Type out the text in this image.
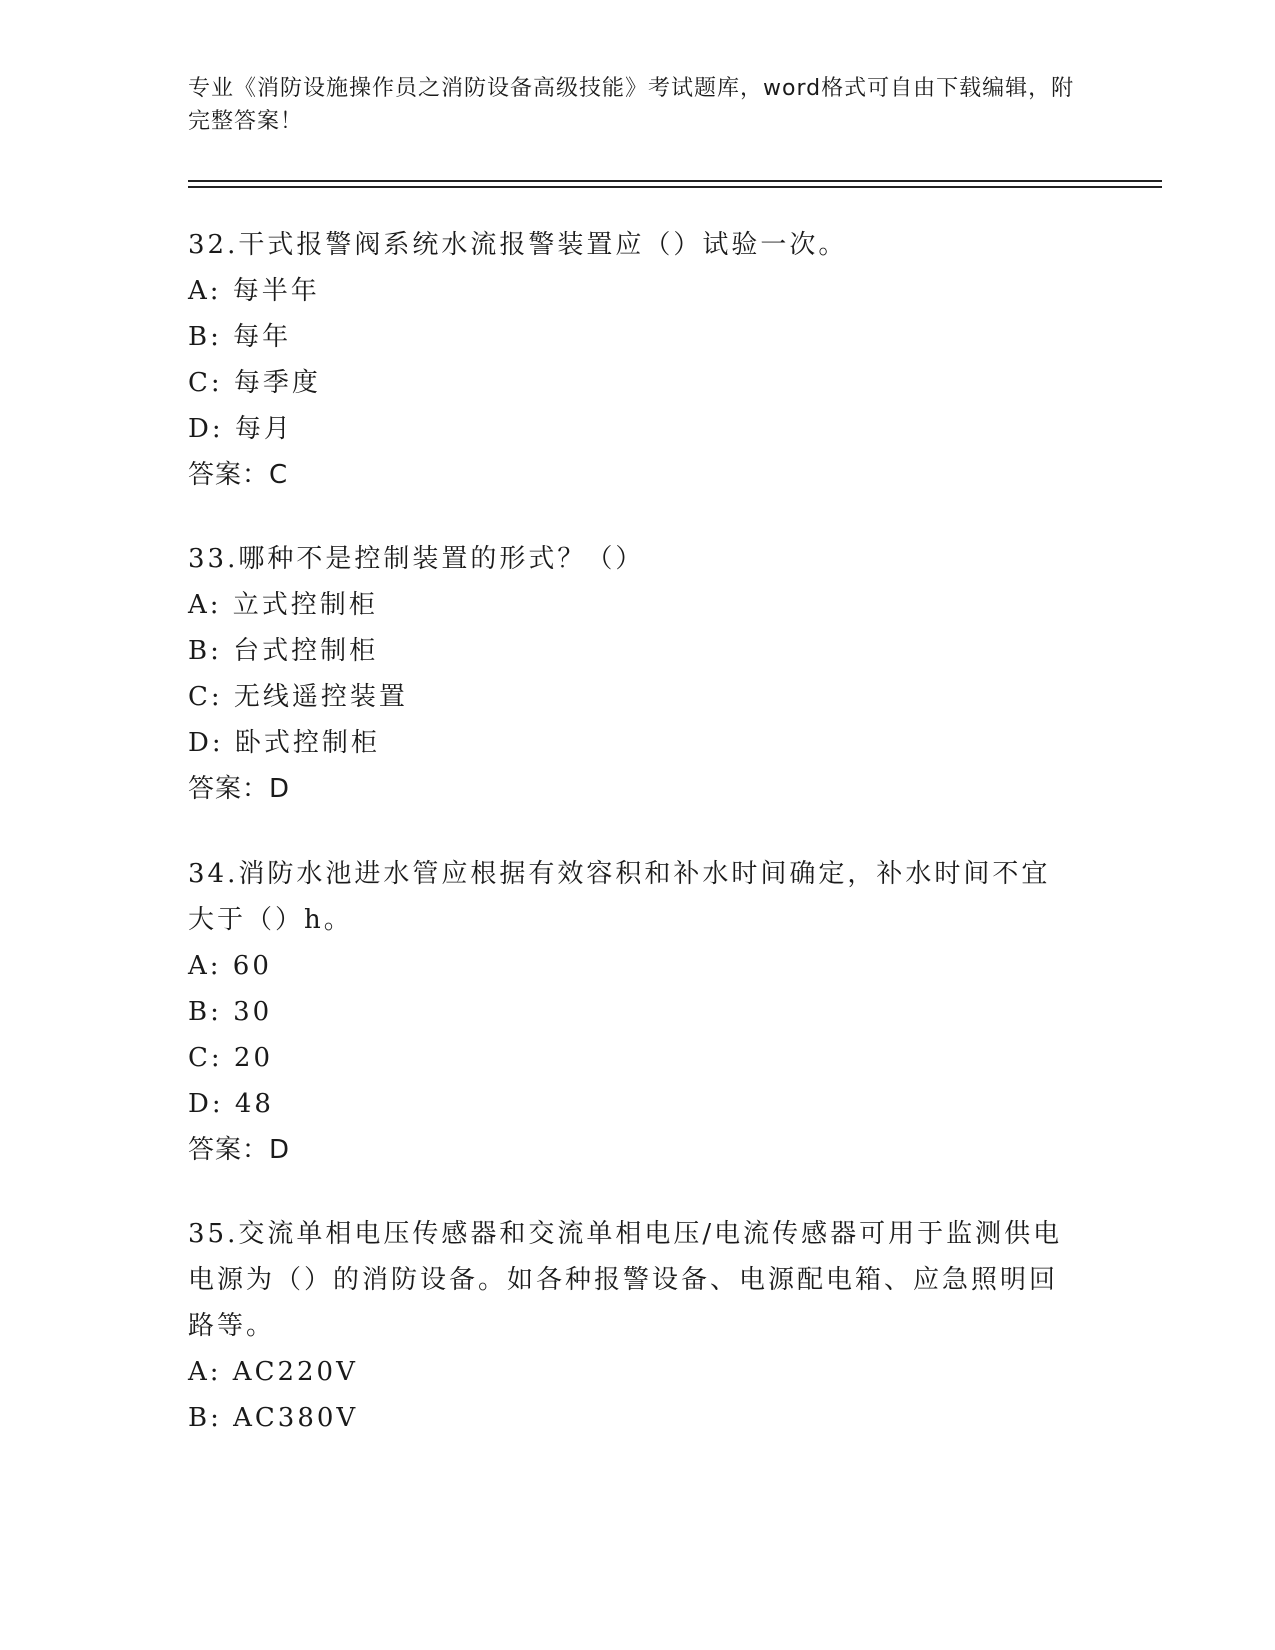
专业《消防设施操作员之消防设备高级技能》考试题库，word格式可自由下载编辑，附完整答案！
32.干式报警阀系统水流报警装置应（）试验一次。
A: 每半年
B: 每年
C: 每季度
D: 每月
答案：C
33.哪种不是控制装置的形式？（）
A: 立式控制柜
B: 台式控制柜
C: 无线遥控装置
D: 卧式控制柜
答案：D
34.消防水池进水管应根据有效容积和补水时间确定，补水时间不宜大于（）h。
A: 60
B: 30
C: 20
D: 48
答案：D
35.交流单相电压传感器和交流单相电压/电流传感器可用于监测供电电源为（）的消防设备。如各种报警设备、电源配电箱、应急照明回路等。
A: AC220V
B: AC380V
